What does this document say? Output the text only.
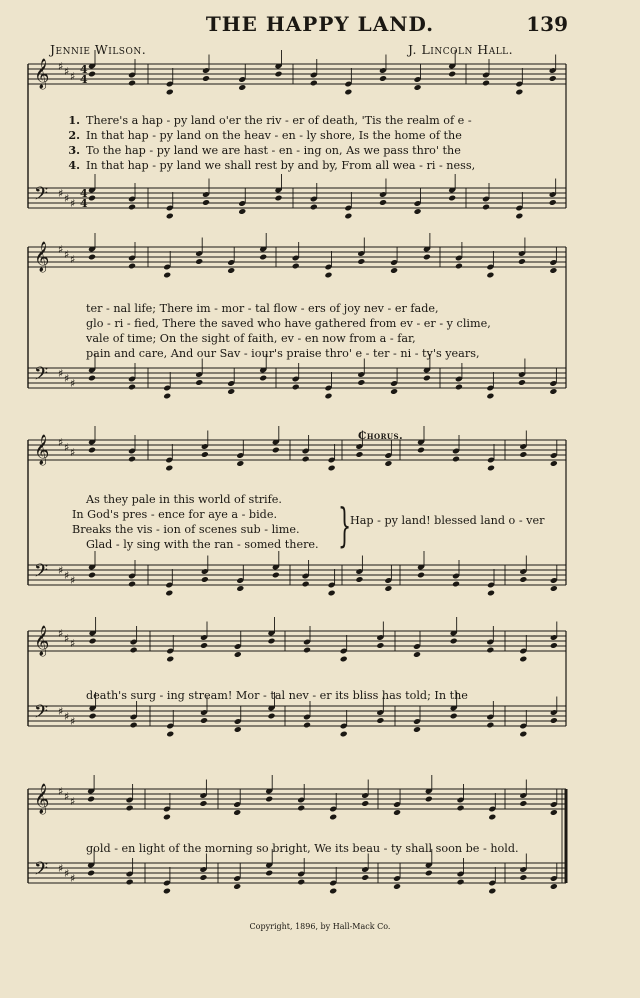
THE HAPPY LAND.	139
Jennie Wilson.	J. Lincoln Hall.
𝄞
𝄢
♯
♯
♯
♯
♯
♯
4
4
4
4
𝄞
𝄢
♯
♯
♯
♯
♯
♯
𝄞
𝄢
♯
♯
♯
♯
♯
♯
𝄞
𝄢
♯
♯
♯
♯
♯
♯
𝄞
𝄢
♯
♯
♯
♯
♯
♯
1. There's a hap - py land o'er the riv - er of death, 'Tis the realm of e -
2. In that hap - py land on the heav - en - ly shore, Is the home of the
3. To the hap - py land we are hast - en - ing on, As we pass thro' the
4. In that hap - py land we shall rest by and by, From all wea - ri - ness,
ter - nal life; There im - mor - tal flow - ers of joy nev - er fade,
glo - ri - fied, There the saved who have gathered from ev - er - y clime,
vale of time; On the sight of faith, ev - en now from a - far,
pain and care, And our Sav - iour's praise thro' e - ter - ni - ty's years,
Chorus.
As they pale in this world of strife.
In God's pres - ence for aye a - bide.
Breaks the vis - ion of scenes sub - lime.
Glad - ly sing with the ran - somed there. }
Hap - py land! blessed land o - ver
death's surg - ing stream! Mor - tal nev - er its bliss has told; In the
gold - en light of the morning so bright, We its beau - ty shall soon be - hold.
Copyright, 1896, by Hall-Mack Co.
